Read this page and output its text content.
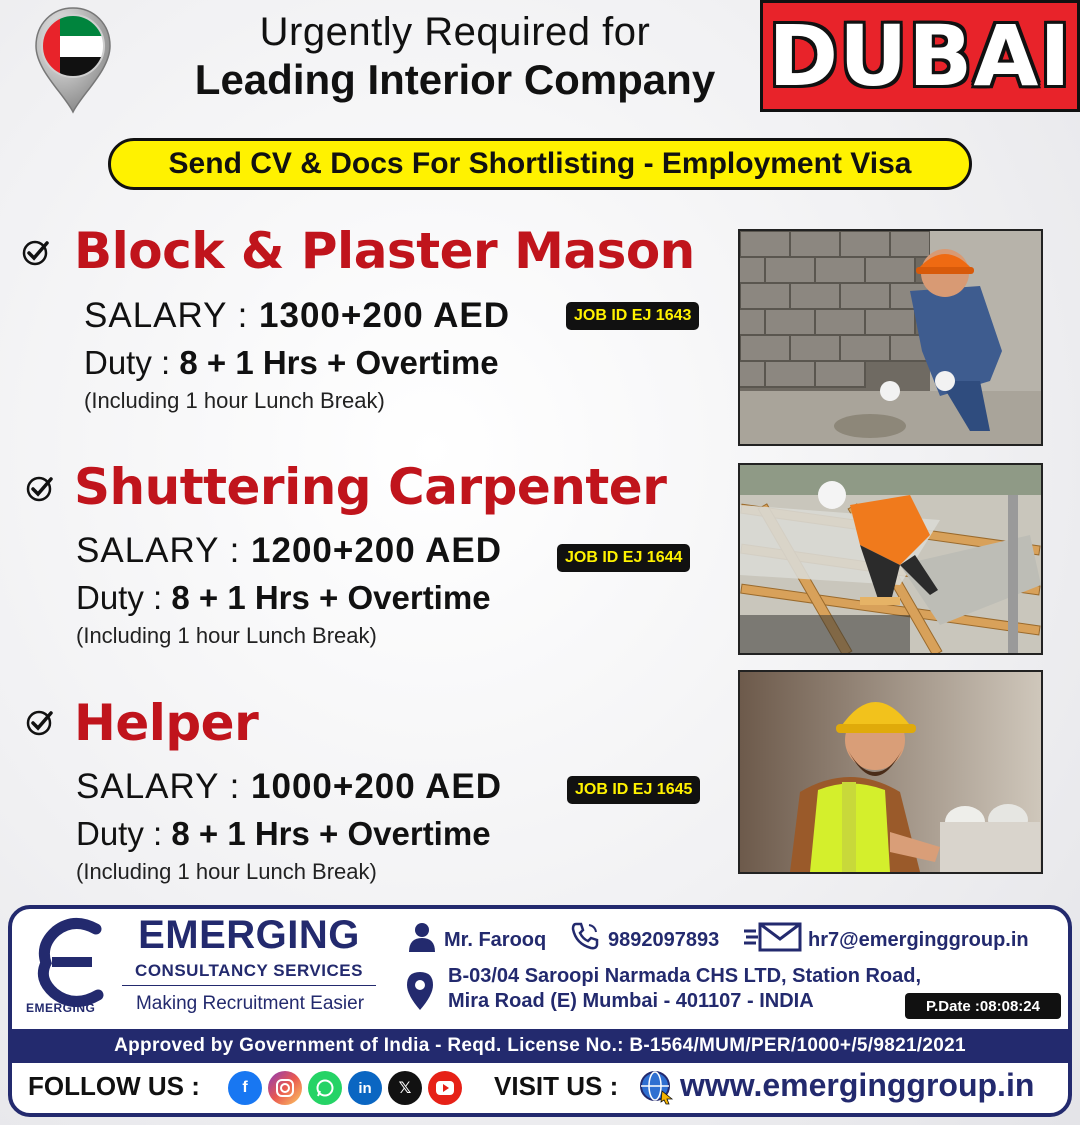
Urgently Required for
Leading Interior Company DUBAI
Send CV & Docs For Shortlisting - Employment Visa
Block & Plaster Mason
SALARY : 1300+200 AED	JOB ID EJ 1643
Duty : 8 + 1 Hrs + Overtime
(Including 1 hour Lunch Break)
Shuttering Carpenter
SALARY : 1200+200 AED	JOB ID EJ 1644
Duty : 8 + 1 Hrs + Overtime
(Including 1 hour Lunch Break)
Helper
SALARY : 1000+200 AED	JOB ID EJ 1645
Duty : 8 + 1 Hrs + Overtime
(Including 1 hour Lunch Break)
EMERGING
EMERGING
CONSULTANCY SERVICES
Making Recruitment Easier
Mr. Farooq	9892097893	hr7@emerginggroup.in
B-03/04 Saroopi Narmada CHS LTD, Station Road,
Mira Road (E) Mumbai - 401107 - INDIA	P.Date :08:08:24
Approved by Government of India - Reqd. License No.: B-1564/MUM/PER/1000+/5/9821/2021
FOLLOW US :	f	in	𝕏	VISIT US : www.emerginggroup.in
